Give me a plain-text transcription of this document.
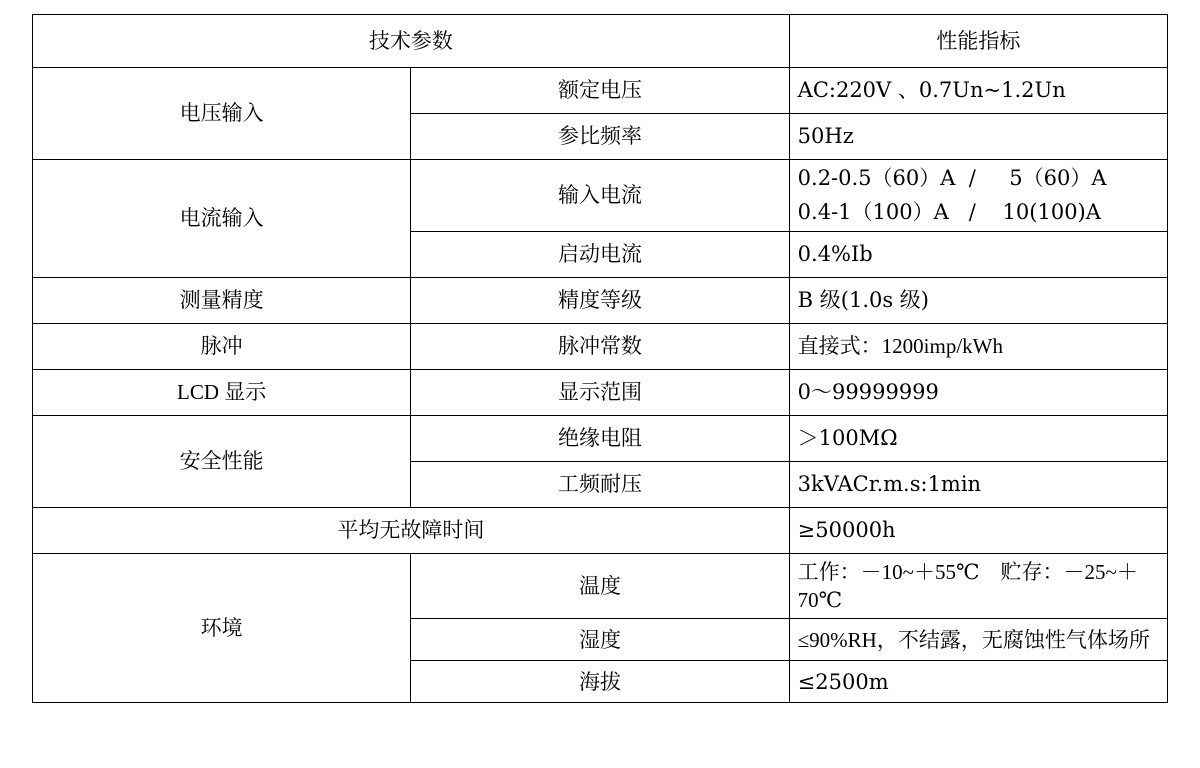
技术参数		性能指标
电压输入	额定电压	AC:220V 、0.7Un~1.2Un
	参比频率	50Hz
电流输入	输入电流	0.2-0.5（60）A  /     5（60）A
0.4-1（100）A   /    10(100)A

	启动电流	0.4%Ib
测量精度	精度等级	B 级(1.0s 级)
脉冲	脉冲常数	直接式：1200imp/kWh
LCD 显示	显示范围	0～99999999
安全性能	绝缘电阻	＞100MΩ
	工频耐压	3kVACr.m.s:1min
平均无故障时间		≥50000h
环境	温度	工作：－10~＋55℃　贮存：－25~＋70℃
	湿度	≤90%RH，不结露，无腐蚀性气体场所
	海拔	≤2500m
